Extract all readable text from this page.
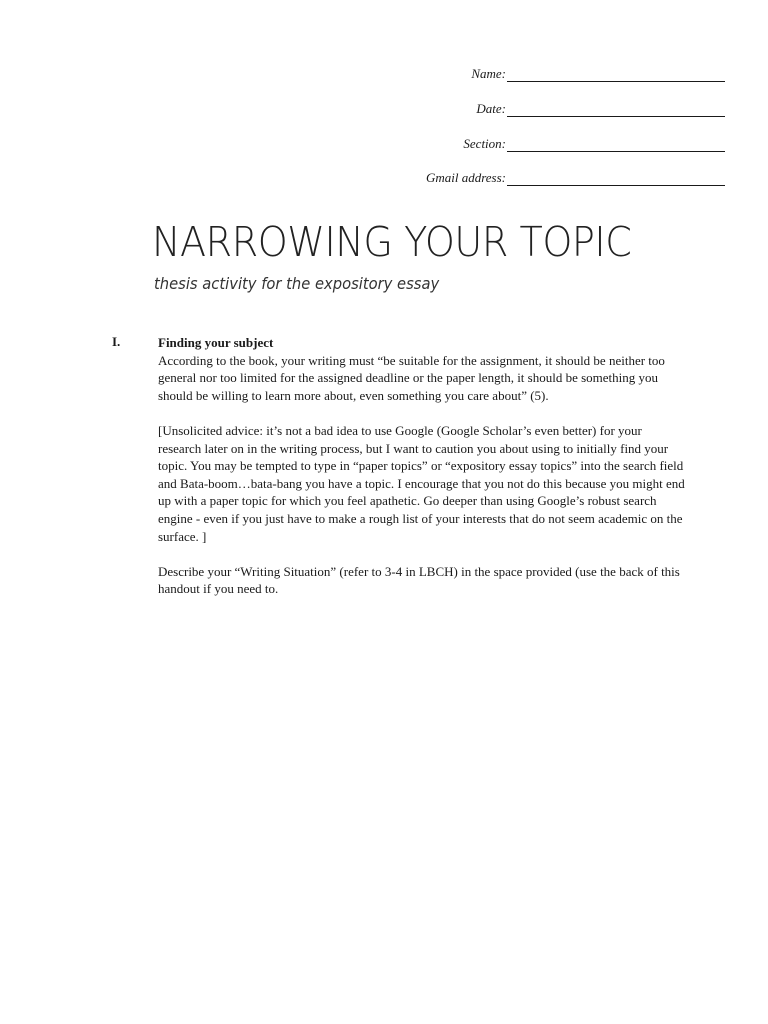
Name:
Date:
Section:
Gmail address:
NARROWING YOUR TOPIC
thesis activity for the expository essay
I.	Finding your subject

According to the book, your writing must “be suitable for the assignment, it should be neither too general nor too limited for the assigned deadline or the paper length, it should be something you should be willing to learn more about, even something you care about” (5).

[Unsolicited advice: it’s not a bad idea to use Google (Google Scholar’s even better) for your research later on in the writing process, but I want to caution you about using to initially find your topic. You may be tempted to type in “paper topics” or “expository essay topics” into the search field and Bata-boom…bata-bang you have a topic. I encourage that you not do this because you might end up with a paper topic for which you feel apathetic. Go deeper than using Google’s robust search engine - even if you just have to make a rough list of your interests that do not seem academic on the surface. ]

Describe your “Writing Situation” (refer to 3-4 in LBCH) in the space provided (use the back of this handout if you need to.
